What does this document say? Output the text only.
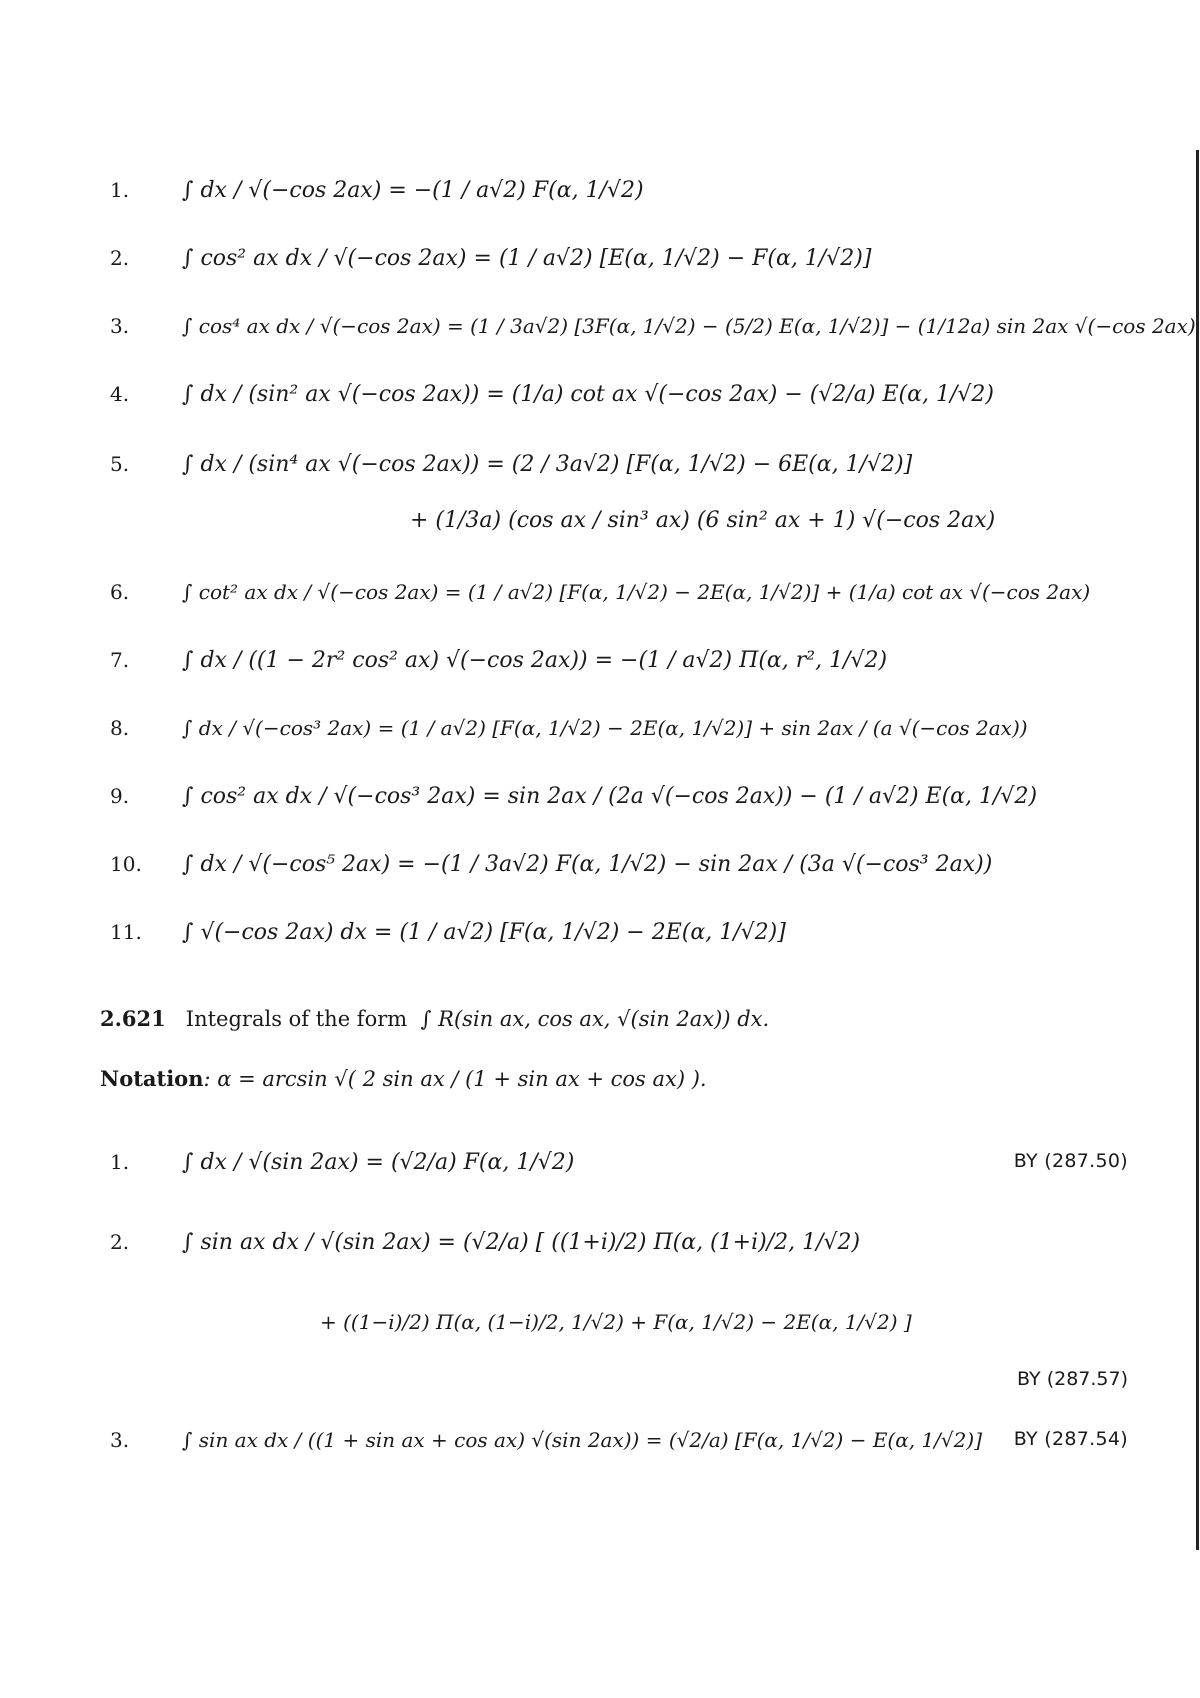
1.	∫ dx / √(−cos 2ax) = −(1 / a√2) F(α, 1/√2)
2.	∫ cos² ax dx / √(−cos 2ax) = (1 / a√2) [E(α, 1/√2) − F(α, 1/√2)]
3.	∫ cos⁴ ax dx / √(−cos 2ax) = (1 / 3a√2) [3F(α, 1/√2) − (5/2) E(α, 1/√2)] − (1/12a) sin 2ax √(−cos 2ax)
4.	∫ dx / (sin² ax √(−cos 2ax)) = (1/a) cot ax √(−cos 2ax) − (√2/a) E(α, 1/√2)
5.	∫ dx / (sin⁴ ax √(−cos 2ax)) = (2 / 3a√2) [F(α, 1/√2) − 6E(α, 1/√2)]
+ (1/3a) (cos ax / sin³ ax) (6 sin² ax + 1) √(−cos 2ax)
6.	∫ cot² ax dx / √(−cos 2ax) = (1 / a√2) [F(α, 1/√2) − 2E(α, 1/√2)] + (1/a) cot ax √(−cos 2ax)
7.	∫ dx / ((1 − 2r² cos² ax) √(−cos 2ax)) = −(1 / a√2) Π(α, r², 1/√2)
8.	∫ dx / √(−cos³ 2ax) = (1 / a√2) [F(α, 1/√2) − 2E(α, 1/√2)] + sin 2ax / (a √(−cos 2ax))
9.	∫ cos² ax dx / √(−cos³ 2ax) = sin 2ax / (2a √(−cos 2ax)) − (1 / a√2) E(α, 1/√2)
10.	∫ dx / √(−cos⁵ 2ax) = −(1 / 3a√2) F(α, 1/√2) − sin 2ax / (3a √(−cos³ 2ax))
11.	∫ √(−cos 2ax) dx = (1 / a√2) [F(α, 1/√2) − 2E(α, 1/√2)]
2.621 Integrals of the form ∫ R(sin ax, cos ax, √(sin 2ax)) dx.
Notation: α = arcsin √( 2 sin ax / (1 + sin ax + cos ax) ).
1.	∫ dx / √(sin 2ax) = (√2/a) F(α, 1/√2)	BY (287.50)
2.	∫ sin ax dx / √(sin 2ax) = (√2/a) [ ((1+i)/2) Π(α, (1+i)/2, 1/√2)
+ ((1−i)/2) Π(α, (1−i)/2, 1/√2) + F(α, 1/√2) − 2E(α, 1/√2) ]
BY (287.57)
3.	∫ sin ax dx / ((1 + sin ax + cos ax) √(sin 2ax)) = (√2/a) [F(α, 1/√2) − E(α, 1/√2)] BY (287.54)
